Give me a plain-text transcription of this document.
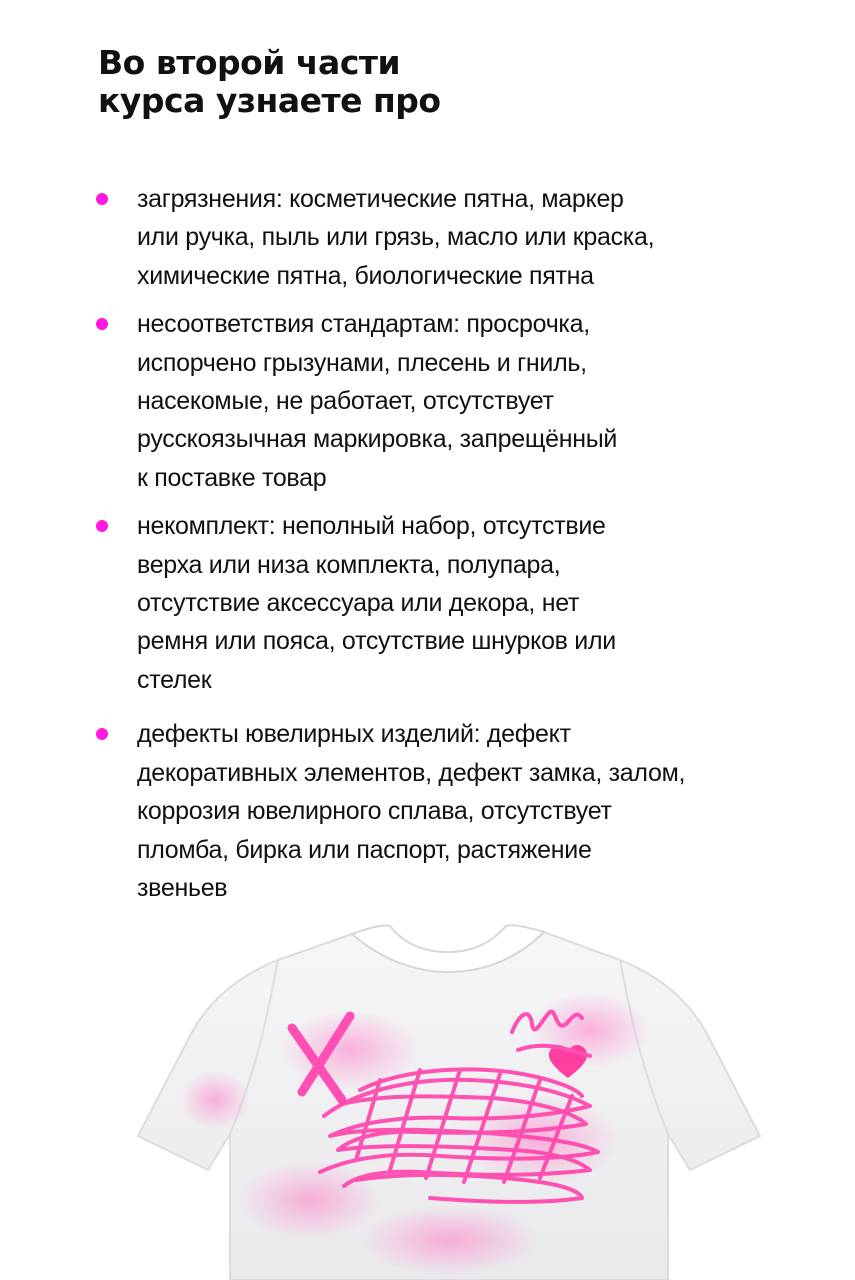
Во второй части
курса узнаете про
загрязнения: косметические пятна, маркер
или ручка, пыль или грязь, масло или краска,
химические пятна, биологические пятна
несоответствия стандартам: просрочка,
испорчено грызунами, плесень и гниль,
насекомые, не работает, отсутствует
русскоязычная маркировка, запрещённый
к поставке товар
некомплект: неполный набор, отсутствие
верха или низа комплекта, полупара,
отсутствие аксессуара или декора, нет
ремня или пояса, отсутствие шнурков или
стелек
дефекты ювелирных изделий: дефект
декоративных элементов, дефект замка, залом,
коррозия ювелирного сплава, отсутствует
пломба, бирка или паспорт, растяжение
звеньев
